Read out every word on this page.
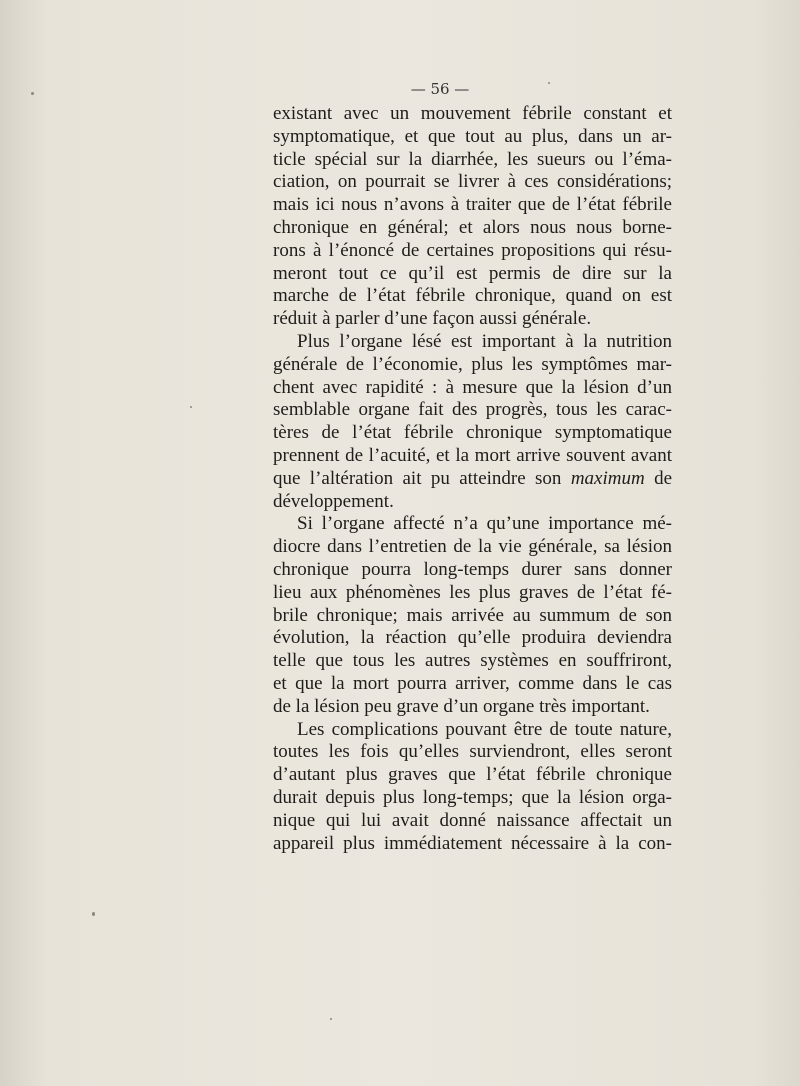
— 56 —
existant avec un mouvement fébrile constant et
symptomatique, et que tout au plus, dans un ar-
ticle spécial sur la diarrhée, les sueurs ou l’éma-
ciation, on pourrait se livrer à ces considérations;
mais ici nous n’avons à traiter que de l’état fébrile
chronique en général; et alors nous nous borne-
rons à l’énoncé de certaines propositions qui résu-
meront tout ce qu’il est permis de dire sur la
marche de l’état fébrile chronique, quand on est
réduit à parler d’une façon aussi générale.
Plus l’organe lésé est important à la nutrition
générale de l’économie, plus les symptômes mar-
chent avec rapidité : à mesure que la lésion d’un
semblable organe fait des progrès, tous les carac-
tères de l’état fébrile chronique symptomatique
prennent de l’acuité, et la mort arrive souvent avant
que l’altération ait pu atteindre son maximum de
développement.
Si l’organe affecté n’a qu’une importance mé-
diocre dans l’entretien de la vie générale, sa lésion
chronique pourra long-temps durer sans donner
lieu aux phénomènes les plus graves de l’état fé-
brile chronique; mais arrivée au summum de son
évolution, la réaction qu’elle produira deviendra
telle que tous les autres systèmes en souffriront,
et que la mort pourra arriver, comme dans le cas
de la lésion peu grave d’un organe très important.
Les complications pouvant être de toute nature,
toutes les fois qu’elles surviendront, elles seront
d’autant plus graves que l’état fébrile chronique
durait depuis plus long-temps; que la lésion orga-
nique qui lui avait donné naissance affectait un
appareil plus immédiatement nécessaire à la con-
